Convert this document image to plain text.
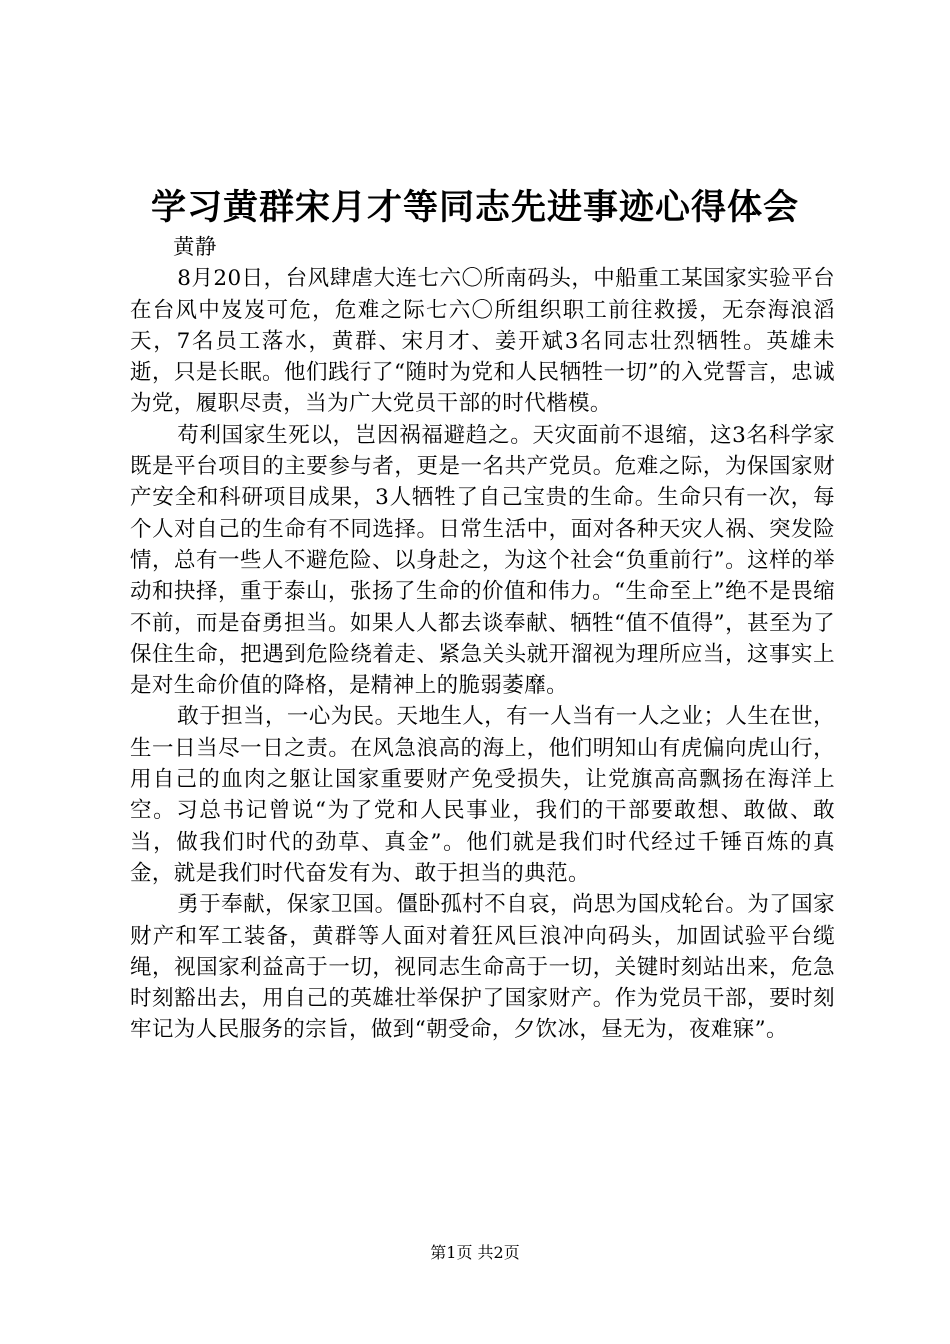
学习黄群宋月才等同志先进事迹心得体会

黄静

8月20日，台风肆虐大连七六〇所南码头，中船重工某国家实验平台在台风中岌岌可危，危难之际七六〇所组织职工前往救援，无奈海浪滔天，7名员工落水，黄群、宋月才、姜开斌3名同志壮烈牺牲。英雄未逝，只是长眠。他们践行了“随时为党和人民牺牲一切”的入党誓言，忠诚为党，履职尽责，当为广大党员干部的时代楷模。

苟利国家生死以，岂因祸福避趋之。天灾面前不退缩，这3名科学家既是平台项目的主要参与者，更是一名共产党员。危难之际，为保国家财产安全和科研项目成果，3人牺牲了自己宝贵的生命。生命只有一次，每个人对自己的生命有不同选择。日常生活中，面对各种天灾人祸、突发险情，总有一些人不避危险、以身赴之，为这个社会“负重前行”。这样的举动和抉择，重于泰山，张扬了生命的价值和伟力。“生命至上”绝不是畏缩不前，而是奋勇担当。如果人人都去谈奉献、牺牲“值不值得”，甚至为了保住生命，把遇到危险绕着走、紧急关头就开溜视为理所应当，这事实上是对生命价值的降格，是精神上的脆弱萎靡。

敢于担当，一心为民。天地生人，有一人当有一人之业；人生在世，生一日当尽一日之责。在风急浪高的海上，他们明知山有虎偏向虎山行，用自己的血肉之躯让国家重要财产免受损失，让党旗高高飘扬在海洋上空。习总书记曾说“为了党和人民事业，我们的干部要敢想、敢做、敢当，做我们时代的劲草、真金”。他们就是我们时代经过千锤百炼的真金，就是我们时代奋发有为、敢于担当的典范。

勇于奉献，保家卫国。僵卧孤村不自哀，尚思为国戍轮台。为了国家财产和军工装备，黄群等人面对着狂风巨浪冲向码头，加固试验平台缆绳，视国家利益高于一切，视同志生命高于一切，关键时刻站出来，危急时刻豁出去，用自己的英雄壮举保护了国家财产。作为党员干部，要时刻牢记为人民服务的宗旨，做到“朝受命，夕饮冰，昼无为，夜难寐”。

第1页 共2页
